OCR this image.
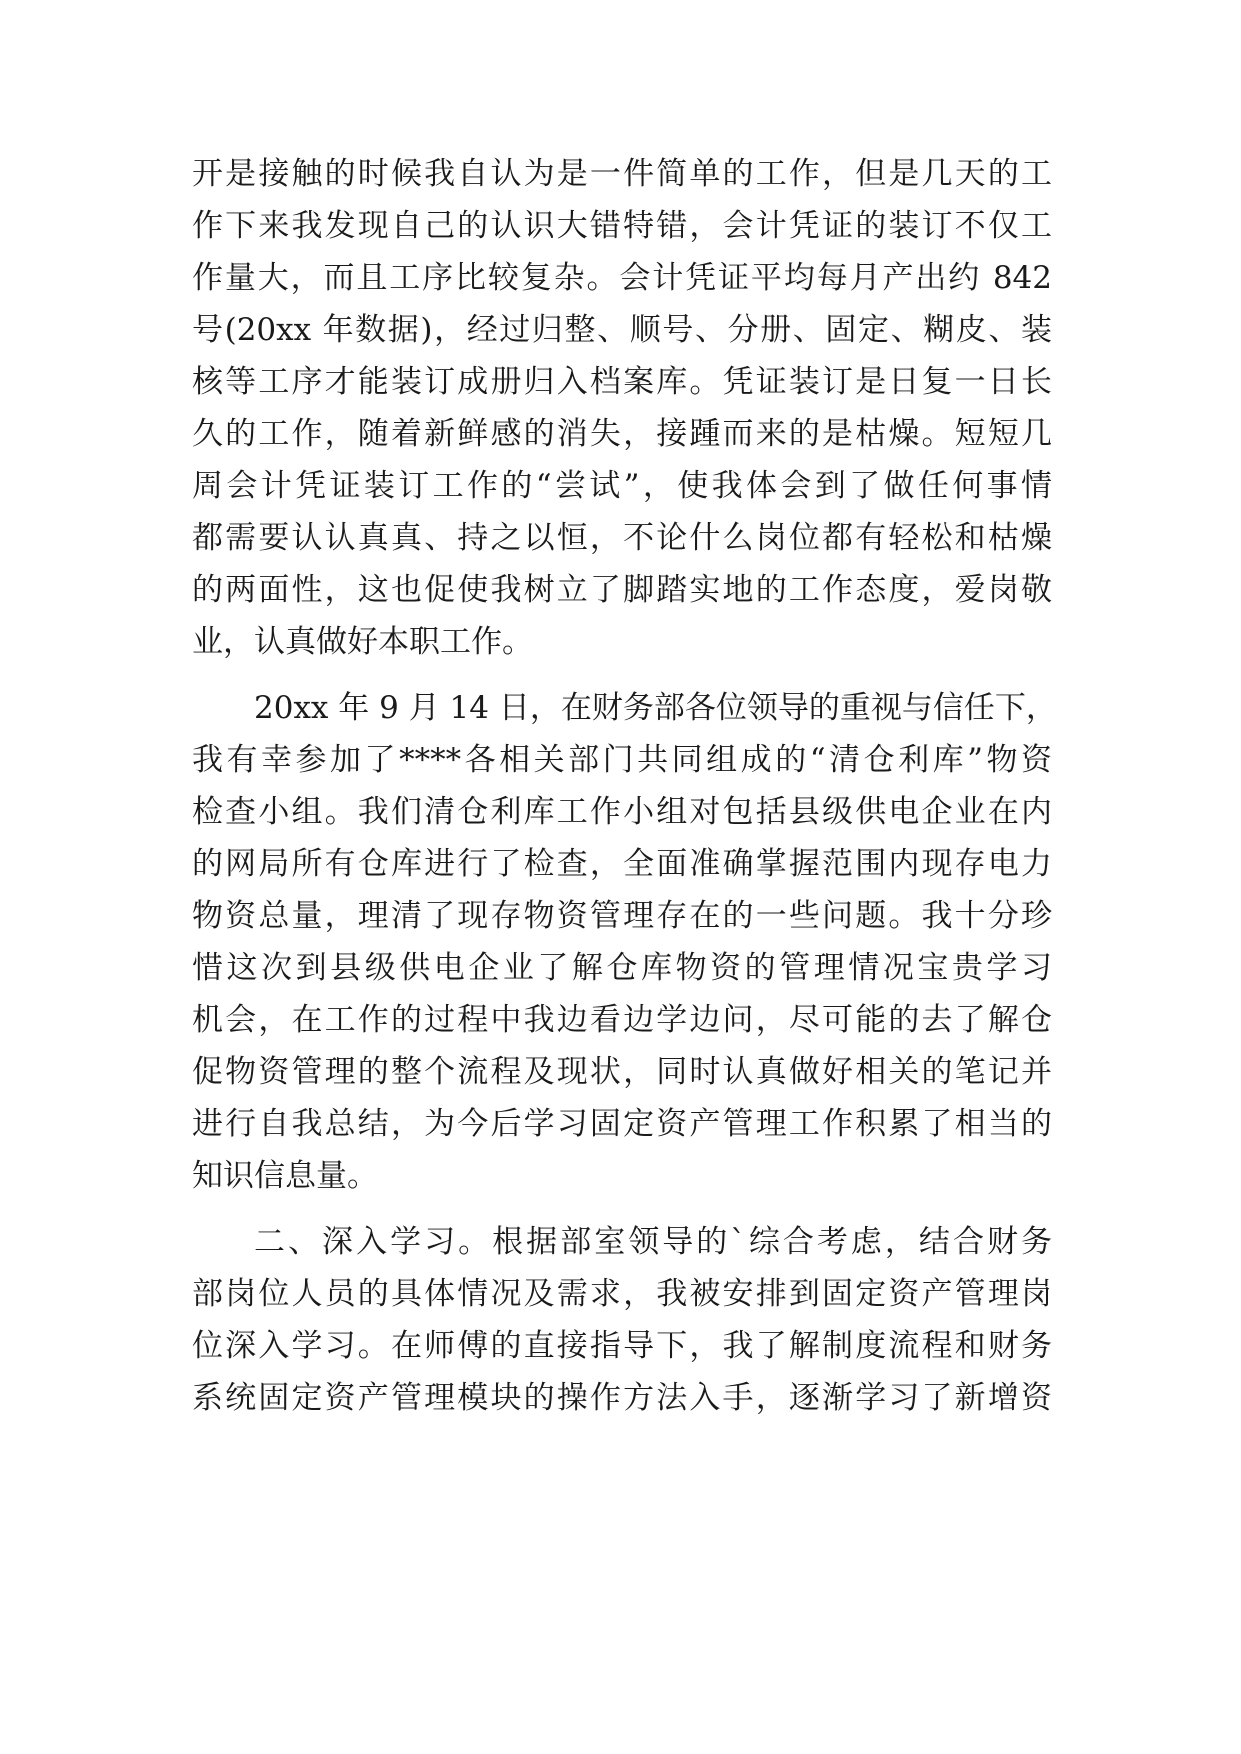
开是接触的时候我自认为是一件简单的工作，但是几天的工
作下来我发现自己的认识大错特错，会计凭证的装订不仅工
作量大，而且工序比较复杂。会计凭证平均每月产出约 842
号(20xx 年数据)，经过归整、顺号、分册、固定、糊皮、装
核等工序才能装订成册归入档案库。凭证装订是日复一日长
久的工作，随着新鲜感的消失，接踵而来的是枯燥。短短几
周会计凭证装订工作的“尝试”，使我体会到了做任何事情
都需要认认真真、持之以恒，不论什么岗位都有轻松和枯燥
的两面性，这也促使我树立了脚踏实地的工作态度，爱岗敬
业，认真做好本职工作。
20xx 年 9 月 14 日，在财务部各位领导的重视与信任下，
我有幸参加了****各相关部门共同组成的“清仓利库”物资
检查小组。我们清仓利库工作小组对包括县级供电企业在内
的网局所有仓库进行了检查，全面准确掌握范围内现存电力
物资总量，理清了现存物资管理存在的一些问题。我十分珍
惜这次到县级供电企业了解仓库物资的管理情况宝贵学习
机会，在工作的过程中我边看边学边问，尽可能的去了解仓
促物资管理的整个流程及现状，同时认真做好相关的笔记并
进行自我总结，为今后学习固定资产管理工作积累了相当的
知识信息量。
二、深入学习。根据部室领导的`综合考虑，结合财务
部岗位人员的具体情况及需求，我被安排到固定资产管理岗
位深入学习。在师傅的直接指导下，我了解制度流程和财务
系统固定资产管理模块的操作方法入手，逐渐学习了新增资
